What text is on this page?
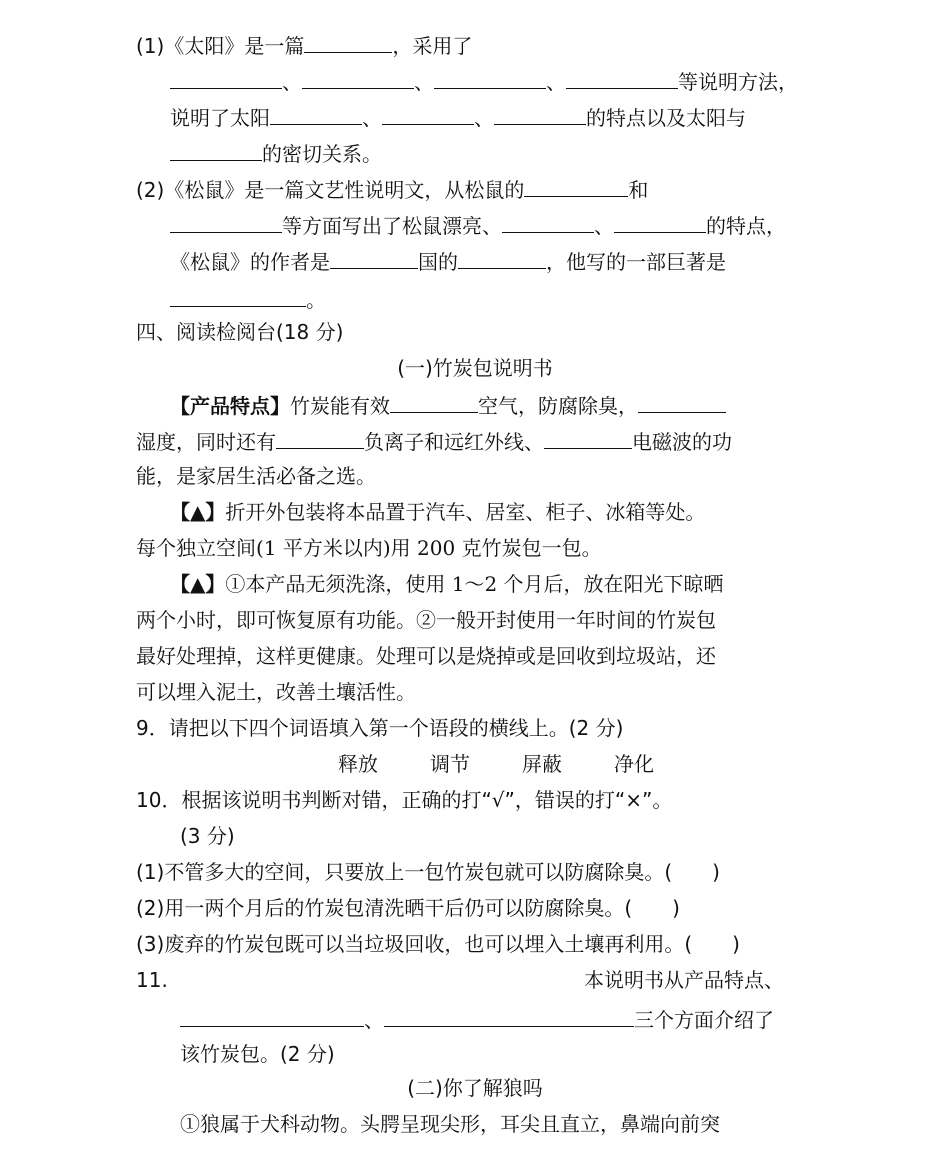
(1)《太阳》是一篇	，采用了
、	、	、	等说明方法，
说明了太阳	、	、	的特点以及太阳与
的密切关系。
(2)《松鼠》是一篇文艺性说明文，从松鼠的	和
等方面写出了松鼠漂亮、	、	的特点，
《松鼠》的作者是	国的	，他写的一部巨著是
。
四、阅读检阅台(18 分)
(一)竹炭包说明书
【产品特点】竹炭能有效	空气，防腐除臭，
湿度，同时还有	负离子和远红外线、	电磁波的功
能，是家居生活必备之选。
【▲】折开外包装将本品置于汽车、居室、柜子、冰箱等处。
每个独立空间(1 平方米以内)用 200 克竹炭包一包。
【▲】①本产品无须洗涤，使用 1～2 个月后，放在阳光下晾晒
两个小时，即可恢复原有功能。②一般开封使用一年时间的竹炭包
最好处理掉，这样更健康。处理可以是烧掉或是回收到垃圾站，还
可以埋入泥土，改善土壤活性。
9．请把以下四个词语填入第一个语段的横线上。(2 分)
释放	调节	屏蔽	净化
10．根据该说明书判断对错，正确的打“√”，错误的打“×”。
(3 分)
(1)不管多大的空间，只要放上一包竹炭包就可以防腐除臭。(　　)
(2)用一两个月后的竹炭包清洗晒干后仍可以防腐除臭。(　　)
(3)废弃的竹炭包既可以当垃圾回收，也可以埋入土壤再利用。(　　)
11.	本说明书从产品特点、
、	三个方面介绍了
该竹炭包。(2 分)
(二)你了解狼吗
①狼属于犬科动物。头腭呈现尖形，耳尖且直立，鼻端向前突
